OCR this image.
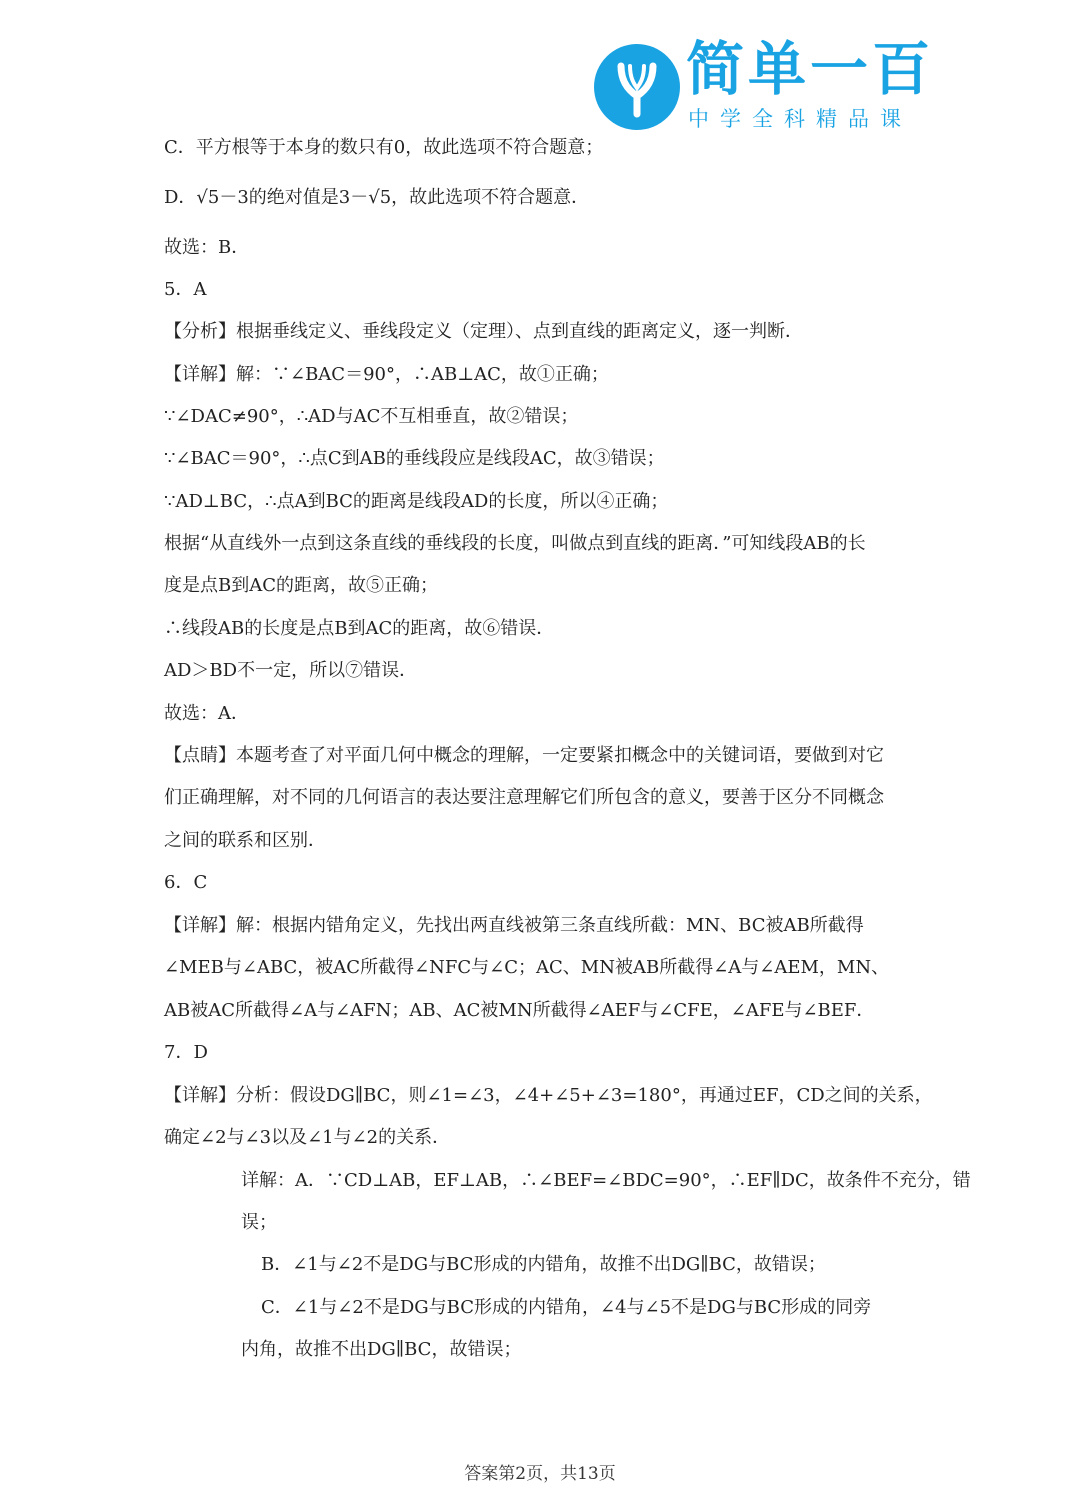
简单一百
中学全科精品课
C．平方根等于本身的数只有0，故此选项不符合题意；
D．√5－3的绝对值是3－√5，故此选项不符合题意．
故选：B．
5．A
【分析】根据垂线定义、垂线段定义（定理）、点到直线的距离定义，逐一判断．
【详解】解：∵∠BAC＝90°，∴AB⊥AC，故①正确；
∵∠DAC≠90°，∴AD与AC不互相垂直，故②错误；
∵∠BAC＝90°，∴点C到AB的垂线段应是线段AC，故③错误；
∵AD⊥BC，∴点A到BC的距离是线段AD的长度，所以④正确；
根据“从直线外一点到这条直线的垂线段的长度，叫做点到直线的距离．”可知线段AB的长
度是点B到AC的距离，故⑤正确；
∴线段AB的长度是点B到AC的距离，故⑥错误．
AD＞BD不一定，所以⑦错误．
故选：A．
【点睛】本题考查了对平面几何中概念的理解，一定要紧扣概念中的关键词语，要做到对它
们正确理解，对不同的几何语言的表达要注意理解它们所包含的意义，要善于区分不同概念
之间的联系和区别．
6．C
【详解】解：根据内错角定义，先找出两直线被第三条直线所截：MN、BC被AB所截得
∠MEB与∠ABC，被AC所截得∠NFC与∠C；AC、MN被AB所截得∠A与∠AEM，MN、
AB被AC所截得∠A与∠AFN；AB、AC被MN所截得∠AEF与∠CFE，∠AFE与∠BEF．
7．D
【详解】分析：假设DG∥BC，则∠1=∠3，∠4+∠5+∠3=180°，再通过EF，CD之间的关系，
确定∠2与∠3以及∠1与∠2的关系．
详解：A．∵CD⊥AB，EF⊥AB，∴∠BEF=∠BDC=90°，∴EF∥DC，故条件不充分，错
误；
B．∠1与∠2不是DG与BC形成的内错角，故推不出DG∥BC，故错误；
C．∠1与∠2不是DG与BC形成的内错角，∠4与∠5不是DG与BC形成的同旁
内角，故推不出DG∥BC，故错误；
答案第2页，共13页
